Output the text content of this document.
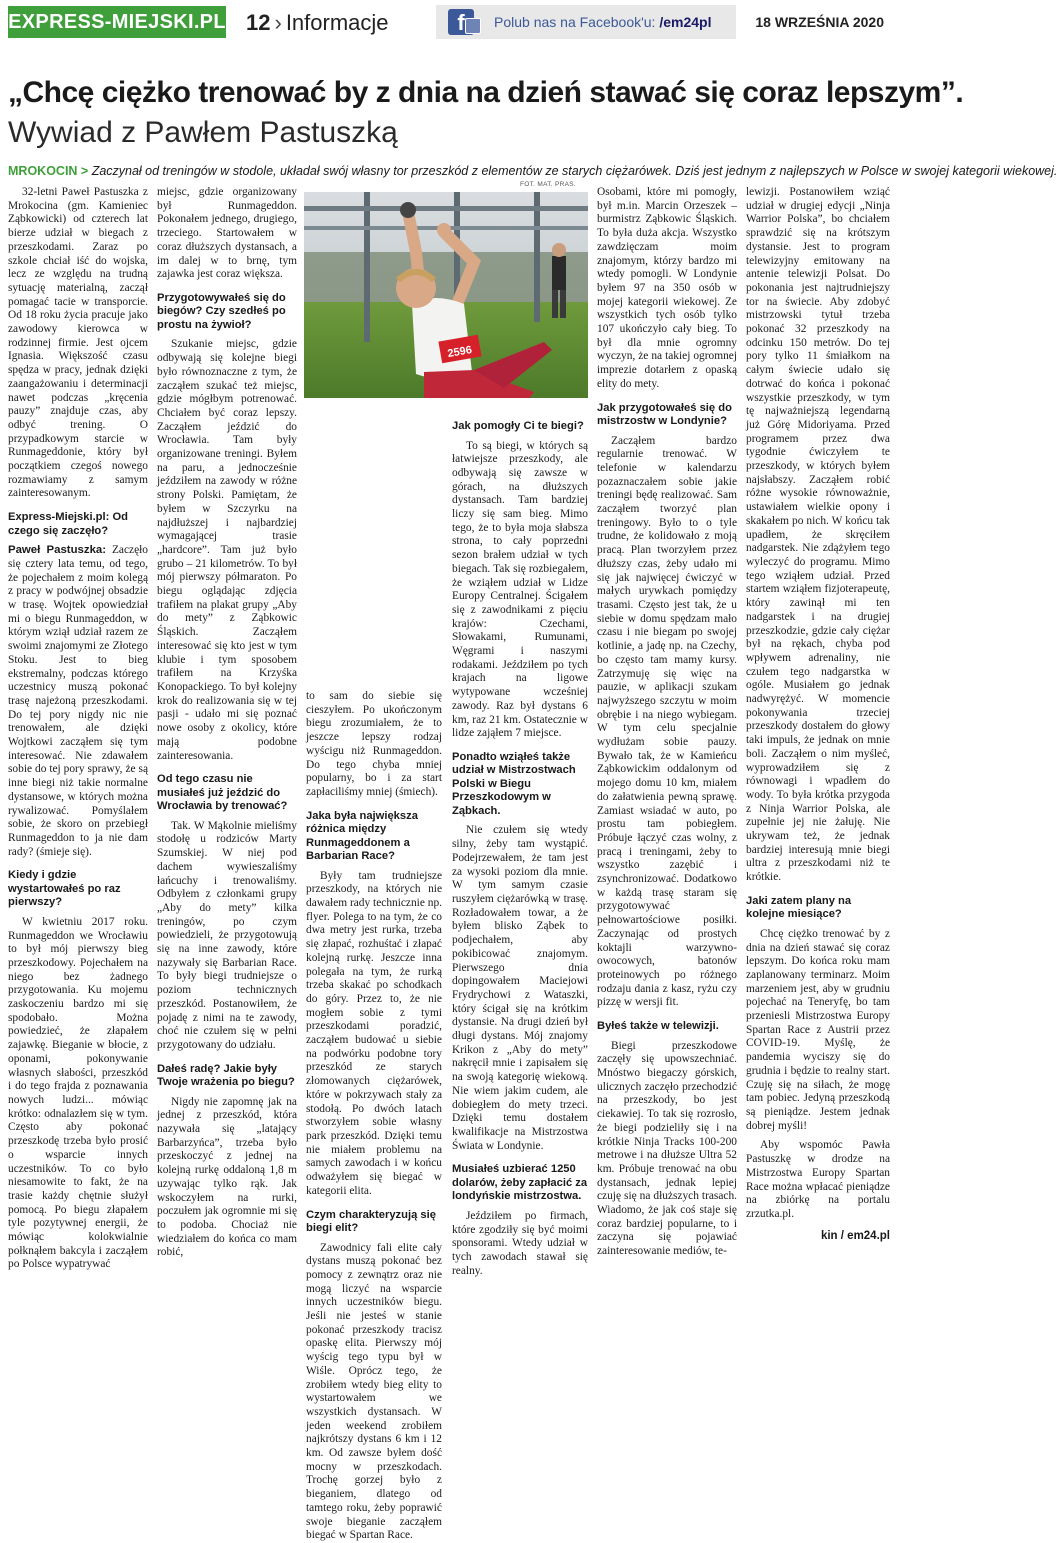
EXPRESS-MIEJSKI.PL 12 › Informacje	f	Polub nas na Facebook'u: /em24pl	18 WRZEŚNIA 2020
„Chcę ciężko trenować by z dnia na dzień stawać się coraz lepszym”.
Wywiad z Pawłem Pastuszką
MROKOCIN > Zaczynał od treningów w stodole, układał swój własny tor przeszkód z elementów ze starych ciężarówek. Dziś jest jednym z najlepszych w Polsce w swojej kategorii wiekowej.
FOT. MAT. PRAS.
2596

32-letni Paweł Pastuszka z Mrokocina (gm. Kamieniec Ząbkowicki) od czterech lat bierze udział w biegach z przeszkodami. Zaraz po szkole chciał iść do wojska, lecz ze względu na trudną sytuację materialną, zaczął pomagać tacie w transporcie. Od 18 roku życia pracuje jako zawodowy kierowca w rodzinnej firmie. Jest ojcem Ignasia. Większość czasu spędza w pracy, jednak dzięki zaangażowaniu i determinacji nawet podczas „kręcenia pauzy” znajduje czas, aby odbyć trening. O przypadkowym starcie w Runmageddonie, który był początkiem czegoś nowego rozmawiamy z samym zainteresowanym.

Express-Miejski.pl: Od czego się zaczęło?

Paweł Pastuszka: Zaczęło się cztery lata temu, od tego, że pojechałem z moim kolegą z pracy w podwójnej obsadzie w trasę. Wojtek opowiedział mi o biegu Runmageddon, w którym wziął udział razem ze swoimi znajomymi ze Złotego Stoku. Jest to bieg ekstremalny, podczas którego uczestnicy muszą pokonać trasę najeżoną przeszkodami. Do tej pory nigdy nic nie trenowałem, ale dzięki Wojtkowi zacząłem się tym interesować. Nie zdawałem sobie do tej pory sprawy, że są inne biegi niż takie normalne dystansowe, w których można rywalizować. Pomyślałem sobie, że skoro on przebiegł Runmageddon to ja nie dam rady? (śmieje się).

Kiedy i gdzie wystartowałeś po raz pierwszy?

W kwietniu 2017 roku. Runmageddon we Wrocławiu to był mój pierwszy bieg przeszkodowy. Pojechałem na niego bez żadnego przygotowania. Ku mojemu zaskoczeniu bardzo mi się spodobało. Można powiedzieć, że złapałem zajawkę. Bieganie w błocie, z oponami, pokonywanie własnych słabości, przeszkód i do tego frajda z poznawania nowych ludzi... mówiąc krótko: odnalazłem się w tym. Często aby pokonać przeszkodę trzeba było prosić o wsparcie innych uczestników. To co było niesamowite to fakt, że na trasie każdy chętnie służył pomocą. Po biegu złapałem tyle pozytywnej energii, że mówiąc kolokwialnie połknąłem bakcyla i zacząłem po Polsce wypatrywać

miejsc, gdzie organizowany był Runmageddon. Pokonałem jednego, drugiego, trzeciego. Startowałem w coraz dłuższych dystansach, a im dalej w to brnę, tym zajawka jest coraz większa.

Przygotowywałeś się do biegów? Czy szedłeś po prostu na żywioł?

Szukanie miejsc, gdzie odbywają się kolejne biegi było równoznaczne z tym, że zacząłem szukać też miejsc, gdzie mógłbym potrenować. Chciałem być coraz lepszy. Zacząłem jeździć do Wrocławia. Tam były organizowane treningi. Byłem na paru, a jednocześnie jeździłem na zawody w różne strony Polski. Pamiętam, że byłem w Szczyrku na najdłuższej i najbardziej wymagającej trasie „hardcore”. Tam już było grubo – 21 kilometrów. To był mój pierwszy półmaraton. Po biegu oglądając zdjęcia trafiłem na plakat grupy „Aby do mety” z Ząbkowic Śląskich. Zacząłem interesować się kto jest w tym klubie i tym sposobem trafiłem na Krzyśka Konopackiego. To był kolejny krok do realizowania się w tej pasji - udało mi się poznać nowe osoby z okolicy, które mają podobne zainteresowania.

Od tego czasu nie musiałeś już jeździć do Wrocławia by trenować?

Tak. W Mąkolnie mieliśmy stodołę u rodziców Marty Szumskiej. W niej pod dachem wywieszaliśmy łańcuchy i trenowaliśmy. Odbyłem z członkami grupy „Aby do mety” kilka treningów, po czym powiedzieli, że przygotowują się na inne zawody, które nazywały się Barbarian Race. To były biegi trudniejsze o poziom technicznych przeszkód. Postanowiłem, że pojadę z nimi na te zawody, choć nie czułem się w pełni przygotowany do udziału.

Dałeś radę? Jakie były Twoje wrażenia po biegu?

Nigdy nie zapomnę jak na jednej z przeszkód, która nazywała się „latający Barbarzyńca”, trzeba było przeskoczyć z jednej na kolejną rurkę oddaloną 1,8 m uzywając tylko rąk. Jak wskoczyłem na rurki, poczułem jak ogromnie mi się to podoba. Chociaż nie wiedziałem do końca co mam robić,

to sam do siebie się cieszyłem. Po ukończonym biegu zrozumiałem, że to jeszcze lepszy rodzaj wyścigu niż Runmageddon. Do tego chyba mniej popularny, bo i za start zapłaciliśmy mniej (śmiech).

Jaka była największa różnica między Runmageddonem a Barbarian Race?

Były tam trudniejsze przeszkody, na których nie dawałem rady technicznie np. flyer. Polega to na tym, że co dwa metry jest rurka, trzeba się złapać, rozhuśtać i złapać kolejną rurkę. Jeszcze inna polegała na tym, że rurką trzeba skakać po schodkach do góry. Przez to, że nie mogłem sobie z tymi przeszkodami poradzić, zacząłem budować u siebie na podwórku podobne tory przeszkód ze starych złomowanych ciężarówek, które w pokrzywach stały za stodołą. Po dwóch latach stworzyłem sobie własny park przeszkód. Dzięki temu nie miałem problemu na samych zawodach i w końcu odważyłem się biegać w kategorii elita.

Czym charakteryzują się biegi elit?

Zawodnicy fali elite cały dystans muszą pokonać bez pomocy z zewnątrz oraz nie mogą liczyć na wsparcie innych uczestników biegu. Jeśli nie jesteś w stanie pokonać przeszkody tracisz opaskę elita. Pierwszy mój wyścig tego typu był w Wiśle. Oprócz tego, że zrobiłem wtedy bieg elity to wystartowałem we wszystkich dystansach. W jeden weekend zrobiłem najkrótszy dystans 6 km i 12 km. Od zawsze byłem dość mocny w przeszkodach. Trochę gorzej było z bieganiem, dlatego od tamtego roku, żeby poprawić swoje bieganie zacząłem biegać w Spartan Race.

Jak pomogły Ci te biegi?

To są biegi, w których są łatwiejsze przeszkody, ale odbywają się zawsze w górach, na dłuższych dystansach. Tam bardziej liczy się sam bieg. Mimo tego, że to była moja słabsza strona, to cały poprzedni sezon brałem udział w tych biegach. Tak się rozbiegałem, że wziąłem udział w Lidze Europy Centralnej. Ścigałem się z zawodnikami z pięciu krajów: Czechami, Słowakami, Rumunami, Węgrami i naszymi rodakami. Jeździłem po tych krajach na ligowe wytypowane wcześniej zawody. Raz był dystans 6 km, raz 21 km. Ostatecznie w lidze zająłem 7 miejsce.

Ponadto wziąłeś także udział w Mistrzostwach Polski w Biegu Przeszkodowym w Ząbkach.

Nie czułem się wtedy silny, żeby tam wystąpić. Podejrzewałem, że tam jest za wysoki poziom dla mnie. W tym samym czasie ruszyłem ciężarówką w trasę. Rozładowałem towar, a że byłem blisko Ząbek to podjechałem, aby pokibicować znajomym. Pierwszego dnia dopingowałem Maciejowi Frydrychowi z Wataszki, który ścigał się na krótkim dystansie. Na drugi dzień był długi dystans. Mój znajomy Krikon z „Aby do mety” nakręcił mnie i zapisałem się na swoją kategorię wiekową. Nie wiem jakim cudem, ale dobiegłem do mety trzeci. Dzięki temu dostałem kwalifikacje na Mistrzostwa Świata w Londynie.

Musiałeś uzbierać 1250 dolarów, żeby zapłacić za londyńskie mistrzostwa.

Jeździłem po firmach, które zgodziły się być moimi sponsorami. Wtedy udział w tych zawodach stawał się realny.

Osobami, które mi pomogły, był m.in. Marcin Orzeszek – burmistrz Ząbkowic Śląskich. To była duża akcja. Wszystko zawdzięczam moim znajomym, którzy bardzo mi wtedy pomogli. W Londynie byłem 97 na 350 osób w mojej kategorii wiekowej. Ze wszystkich tych osób tylko 107 ukończyło cały bieg. To był dla mnie ogromny wyczyn, że na takiej ogromnej imprezie dotarłem z opaską elity do mety.

Jak przygotowałeś się do mistrzostw w Londynie?

Zacząłem bardzo regularnie trenować. W telefonie w kalendarzu pozaznaczałem sobie jakie treningi będę realizować. Sam zacząłem tworzyć plan treningowy. Było to o tyle trudne, że kolidowało z moją pracą. Plan tworzyłem przez dłuższy czas, żeby udało mi się jak najwięcej ćwiczyć w małych urywkach pomiędzy trasami. Często jest tak, że u siebie w domu spędzam mało czasu i nie biegam po swojej kotlinie, a jadę np. na Czechy, bo często tam mamy kursy. Zatrzymuję się więc na pauzie, w aplikacji szukam najwyższego szczytu w moim obrębie i na niego wybiegam. W tym celu specjalnie wydłużam sobie pauzy. Bywało tak, że w Kamieńcu Ząbkowickim oddalonym od mojego domu 10 km, miałem do załatwienia pewną sprawę. Zamiast wsiadać w auto, po prostu tam pobiegłem. Próbuje łączyć czas wolny, z pracą i treningami, żeby to wszystko zazębić i zsynchronizować. Dodatkowo w każdą trasę staram się przygotowywać pełnowartościowe posiłki. Zaczynając od prostych koktajli warzywno-owocowych, batonów proteinowych po różnego rodzaju dania z kasz, ryżu czy pizzę w wersji fit.

Byłeś także w telewizji.

Biegi przeszkodowe zaczęły się upowszechniać. Mnóstwo biegaczy górskich, ulicznych zaczęło przechodzić na przeszkody, bo jest ciekawiej. To tak się rozrosło, że biegi podzieliły się i na krótkie Ninja Tracks 100-200 metrowe i na dłuższe Ultra 52 km. Próbuje trenować na obu dystansach, jednak lepiej czuję się na dłuższych trasach. Wiadomo, że jak coś staje się coraz bardziej popularne, to i zaczyna się pojawiać zainteresowanie mediów, te-

lewizji. Postanowiłem wziąć udział w drugiej edycji „Ninja Warrior Polska”, bo chciałem sprawdzić się na krótszym dystansie. Jest to program telewizyjny emitowany na antenie telewizji Polsat. Do pokonania jest najtrudniejszy tor na świecie. Aby zdobyć mistrzowski tytuł trzeba pokonać 32 przeszkody na odcinku 150 metrów. Do tej pory tylko 11 śmiałkom na całym świecie udało się dotrwać do końca i pokonać wszystkie przeszkody, w tym tę najważniejszą legendarną już Górę Midoriyama. Przed programem przez dwa tygodnie ćwiczyłem te przeszkody, w których byłem najsłabszy. Zacząłem robić różne wysokie równoważnie, ustawiałem wielkie opony i skakałem po nich. W końcu tak upadłem, że skręciłem nadgarstek. Nie zdążyłem tego wyleczyć do programu. Mimo tego wziąłem udział. Przed startem wziąłem fizjoterapeutę, który zawinął mi ten nadgarstek i na drugiej przeszkodzie, gdzie cały ciężar był na rękach, chyba pod wpływem adrenaliny, nie czułem tego nadgarstka w ogóle. Musiałem go jednak nadwyrężyć. W momencie pokonywania trzeciej przeszkody dostałem do głowy taki impuls, że jednak on mnie boli. Zacząłem o nim myśleć, wyprowadziłem się z równowagi i wpadłem do wody. To była krótka przygoda z Ninja Warrior Polska, ale zupełnie jej nie żałuję. Nie ukrywam też, że jednak bardziej interesują mnie biegi ultra z przeszkodami niż te krótkie.

Jaki zatem plany na kolejne miesiące?

Chcę ciężko trenować by z dnia na dzień stawać się coraz lepszym. Do końca roku mam zaplanowany terminarz. Moim marzeniem jest, aby w grudniu pojechać na Teneryfę, bo tam przeniesli Mistrzostwa Europy Spartan Race z Austrii przez COVID-19. Myślę, że pandemia wyciszy się do grudnia i będzie to realny start. Czuję się na siłach, że mogę tam pobiec. Jedyną przeszkodą są pieniądze. Jestem jednak dobrej myśli!

Aby wspomóc Pawła Pastuszkę w drodze na Mistrzostwa Europy Spartan Race można wpłacać pieniądze na zbiórkę na portalu zrzutka.pl.

kin / em24.pl
